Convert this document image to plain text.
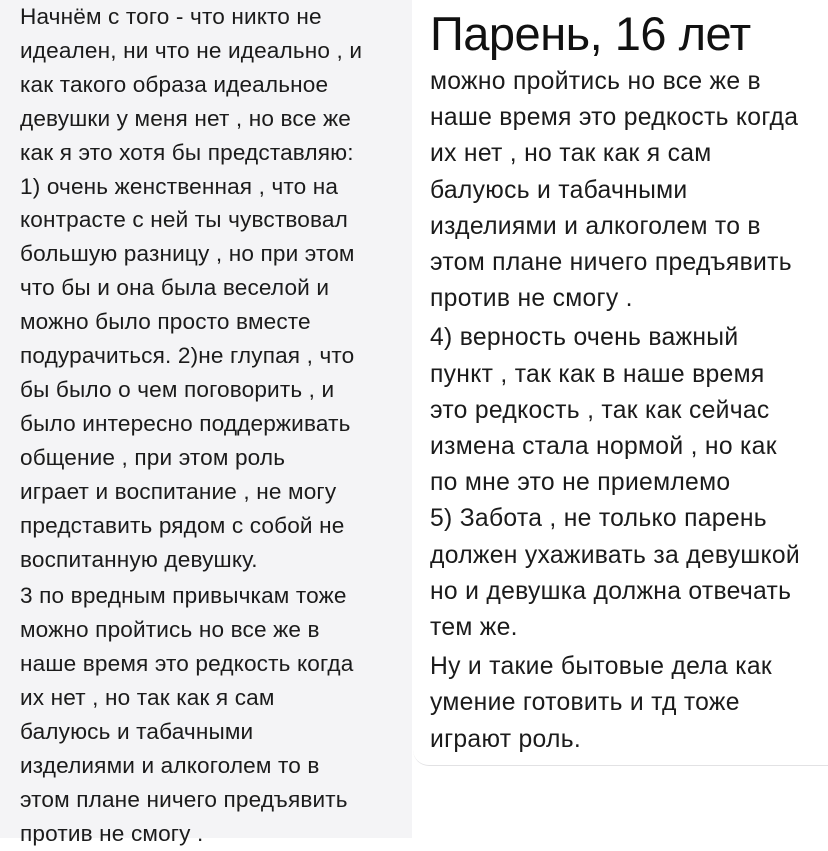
Начнём с того - что никто не
идеален, ни что не идеально , и
как такого образа идеальное
девушки у меня нет , но все же
как я это хотя бы представляю:
1) очень женственная , что на
контрасте с ней ты чувствовал
большую разницу , но при этом
что бы и она была веселой и
можно было просто вместе
подурачиться. 2)не глупая , что
бы было о чем поговорить , и
было интересно поддерживать
общение , при этом роль
играет и воспитание , не могу
представить рядом с собой не
воспитанную девушку.

3 по вредным привычкам тоже
можно пройтись но все же в
наше время это редкость когда
их нет , но так как я сам
балуюсь и табачными
изделиями и алкоголем то в
этом плане ничего предъявить
против не смогу .

Парень, 16 лет

можно пройтись но все же в
наше время это редкость когда
их нет , но так как я сам
балуюсь и табачными
изделиями и алкоголем то в
этом плане ничего предъявить
против не смогу .

4) верность очень важный
пункт , так как в наше время
это редкость , так как сейчас
измена стала нормой , но как
по мне это не приемлемо

5) Забота , не только парень
должен ухаживать за девушкой
но и девушка должна отвечать
тем же.

Ну и такие бытовые дела как
умение готовить и тд тоже
играют роль.
